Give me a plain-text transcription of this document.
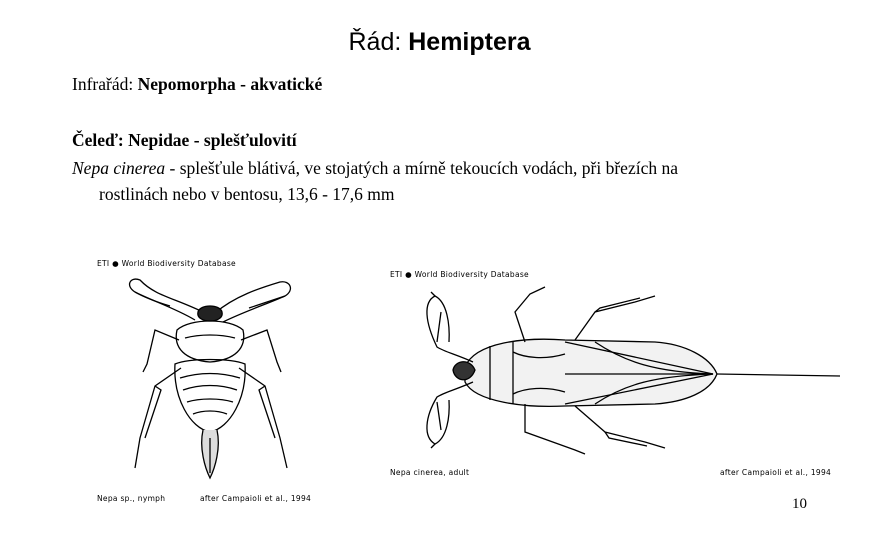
Řád: Hemiptera
Infrařád: Nepomorpha - akvatické
Čeleď: Nepidae - splešťulovití
Nepa cinerea - splešťule blátivá, ve stojatých a mírně tekoucích vodách, při březích na
rostlinách nebo v bentosu, 13,6 - 17,6 mm
ETI ● World Biodiversity Database
Nepa sp., nymph	after Campaioli et al., 1994
ETI ● World Biodiversity Database
Nepa cinerea, adult	after Campaioli et al., 1994
10
